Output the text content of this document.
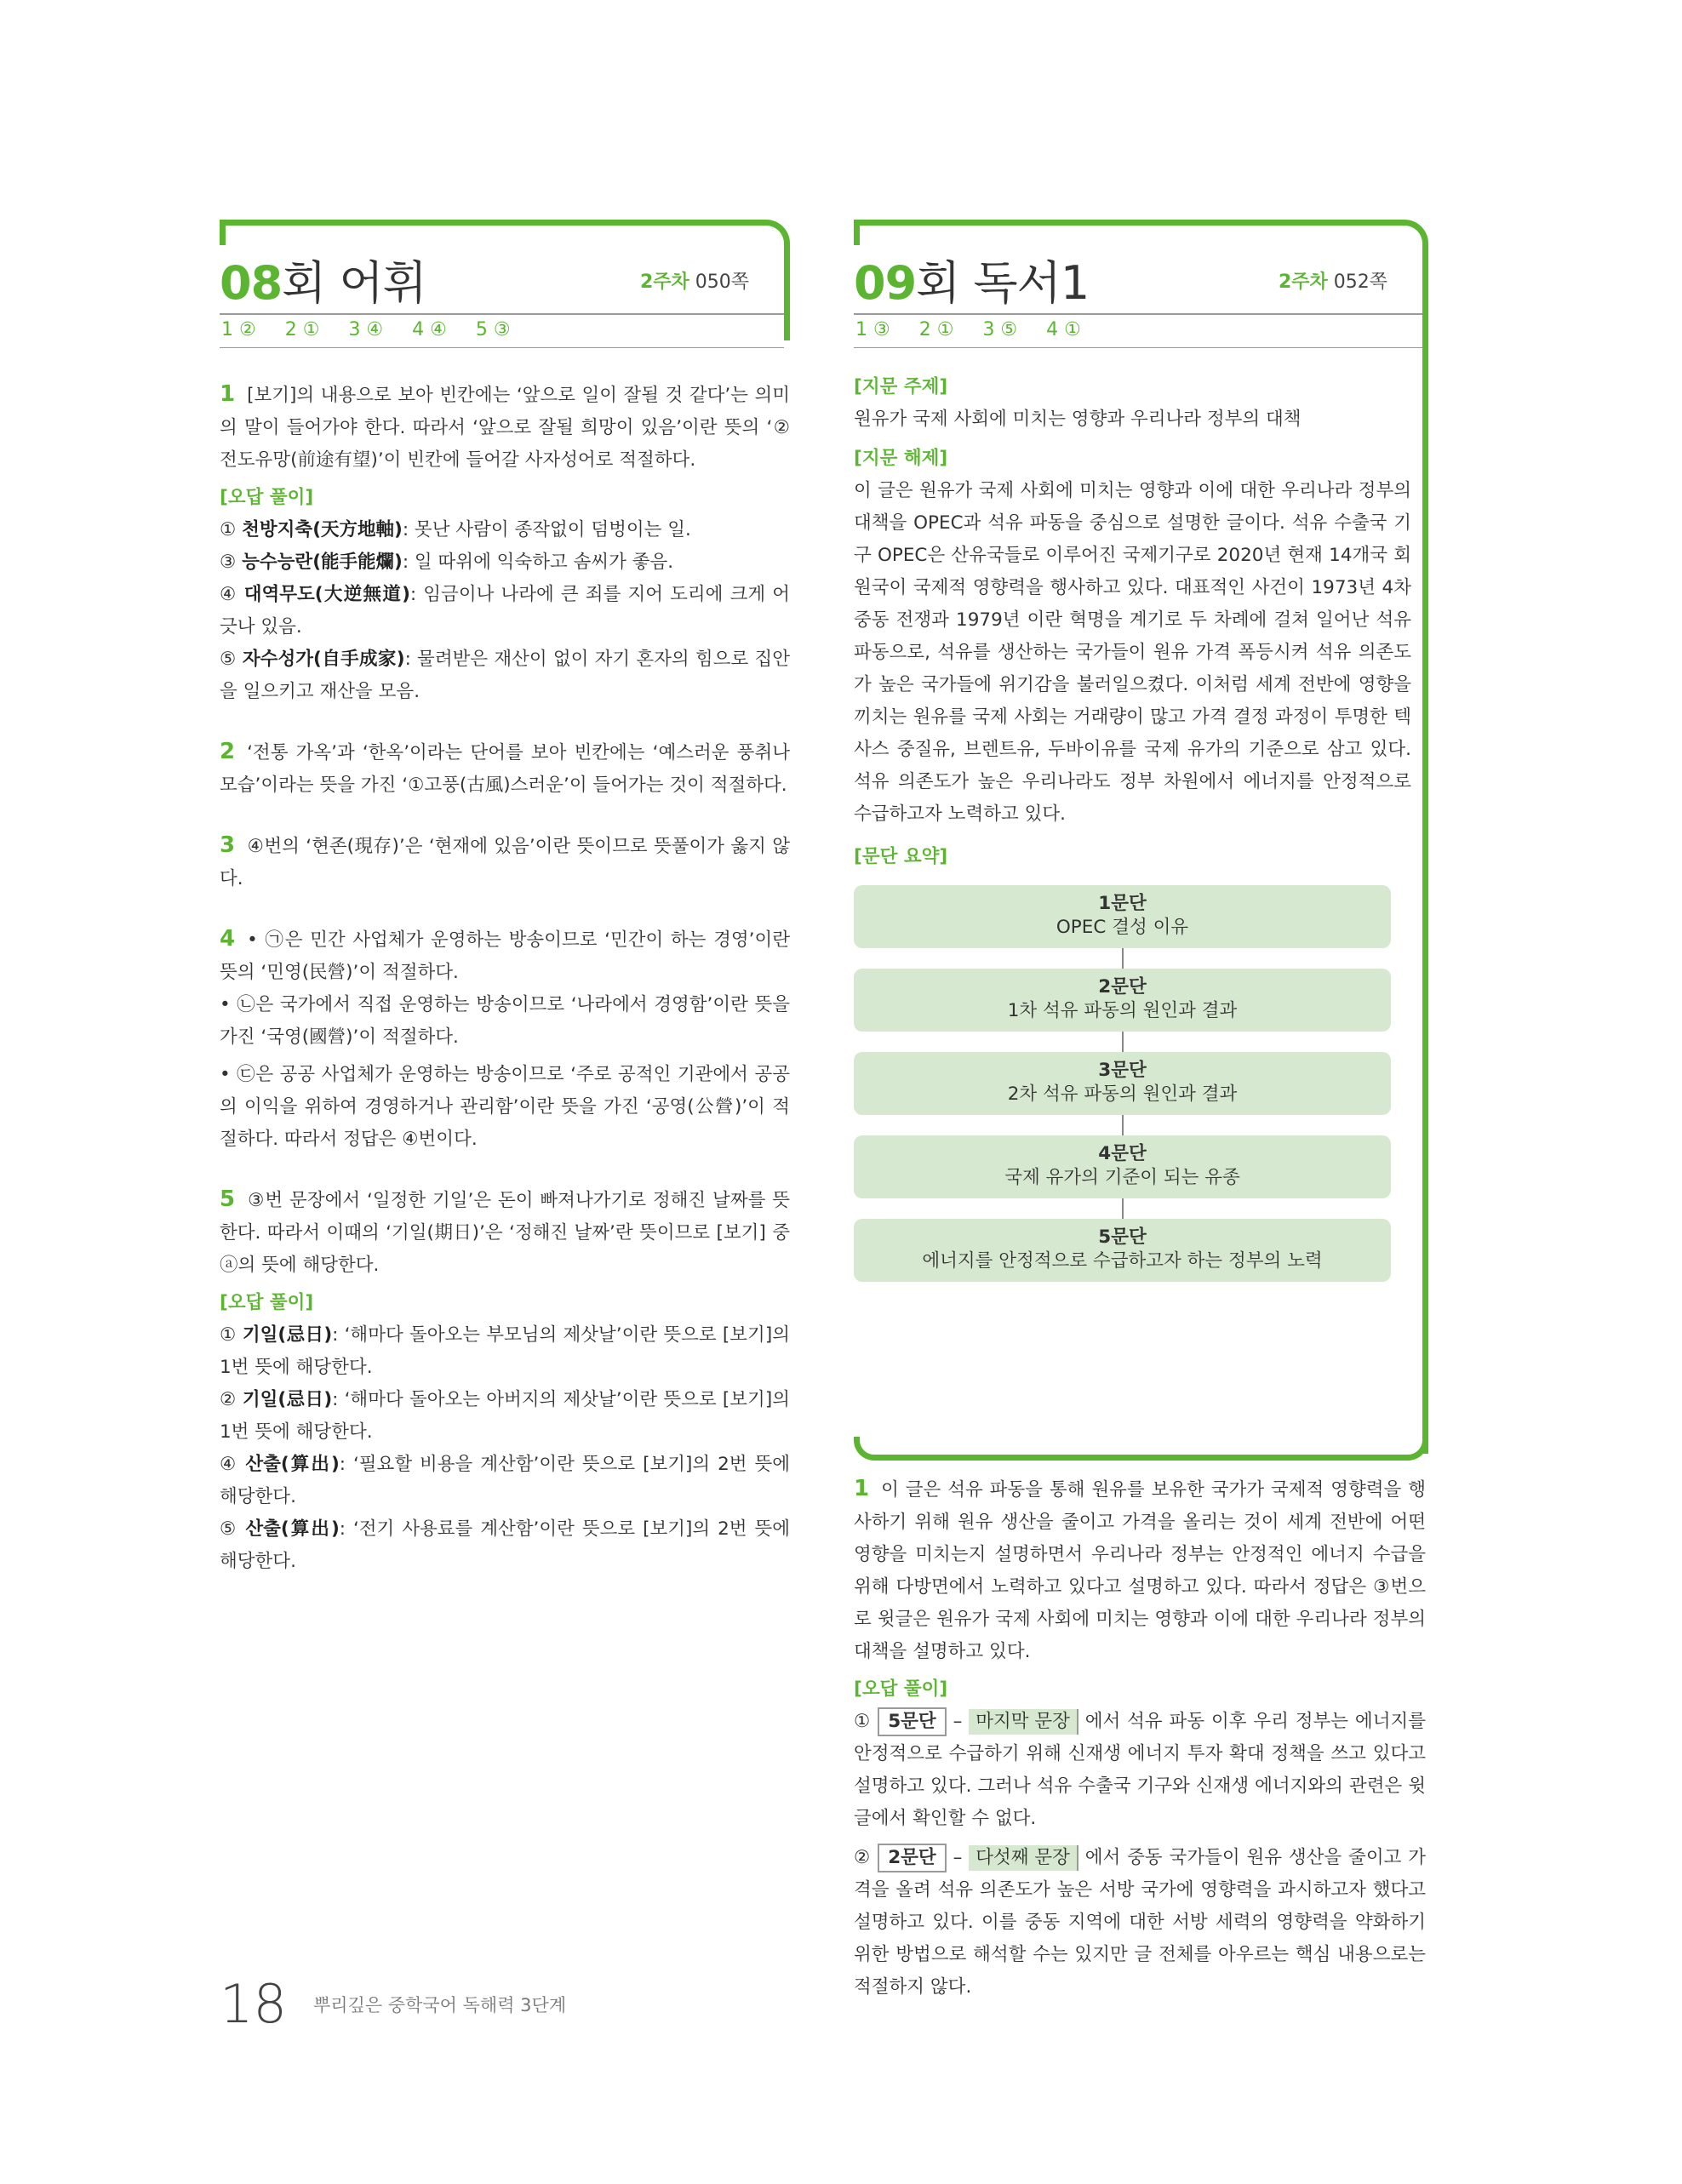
08회 어휘	2주차 050쪽
1 ② 2 ① 3 ④ 4 ④ 5 ③

1 [보기]의 내용으로 보아 빈칸에는 ‘앞으로 일이 잘될 것 같다’는 의미의 말이 들어가야 한다. 따라서 ‘앞으로 잘될 희망이 있음’이란 뜻의 ‘② 전도유망(前途有望)’이 빈칸에 들어갈 사자성어로 적절하다.

[오답 풀이]

① 천방지축(天方地軸): 못난 사람이 종작없이 덤벙이는 일.

③ 능수능란(能手能爛): 일 따위에 익숙하고 솜씨가 좋음.

④ 대역무도(大逆無道): 임금이나 나라에 큰 죄를 지어 도리에 크게 어긋나 있음.

⑤ 자수성가(自手成家): 물려받은 재산이 없이 자기 혼자의 힘으로 집안을 일으키고 재산을 모음.

2 ‘전통 가옥’과 ‘한옥’이라는 단어를 보아 빈칸에는 ‘예스러운 풍취나 모습’이라는 뜻을 가진 ‘①고풍(古風)스러운’이 들어가는 것이 적절하다.

3 ④번의 ‘현존(現存)’은 ‘현재에 있음’이란 뜻이므로 뜻풀이가 옳지 않다.

4 • ㉠은 민간 사업체가 운영하는 방송이므로 ‘민간이 하는 경영’이란 뜻의 ‘민영(民營)’이 적절하다.

• ㉡은 국가에서 직접 운영하는 방송이므로 ‘나라에서 경영함’이란 뜻을 가진 ‘국영(國營)’이 적절하다.

• ㉢은 공공 사업체가 운영하는 방송이므로 ‘주로 공적인 기관에서 공공의 이익을 위하여 경영하거나 관리함’이란 뜻을 가진 ‘공영(公營)’이 적절하다. 따라서 정답은 ④번이다.

5 ③번 문장에서 ‘일정한 기일’은 돈이 빠져나가기로 정해진 날짜를 뜻한다. 따라서 이때의 ‘기일(期日)’은 ‘정해진 날짜’란 뜻이므로 [보기] 중 ⓐ의 뜻에 해당한다.

[오답 풀이]

① 기일(忌日): ‘해마다 돌아오는 부모님의 제삿날’이란 뜻으로 [보기]의 1번 뜻에 해당한다.

② 기일(忌日): ‘해마다 돌아오는 아버지의 제삿날’이란 뜻으로 [보기]의 1번 뜻에 해당한다.

④ 산출(算出): ‘필요할 비용을 계산함’이란 뜻으로 [보기]의 2번 뜻에 해당한다.

⑤ 산출(算出): ‘전기 사용료를 계산함’이란 뜻으로 [보기]의 2번 뜻에 해당한다.

09회 독서1	2주차 052쪽
1 ③ 2 ① 3 ⑤ 4 ①

[지문 주제]

원유가 국제 사회에 미치는 영향과 우리나라 정부의 대책

[지문 해제]

이 글은 원유가 국제 사회에 미치는 영향과 이에 대한 우리나라 정부의 대책을 OPEC과 석유 파동을 중심으로 설명한 글이다. 석유 수출국 기구 OPEC은 산유국들로 이루어진 국제기구로 2020년 현재 14개국 회원국이 국제적 영향력을 행사하고 있다. 대표적인 사건이 1973년 4차 중동 전쟁과 1979년 이란 혁명을 계기로 두 차례에 걸쳐 일어난 석유 파동으로, 석유를 생산하는 국가들이 원유 가격 폭등시켜 석유 의존도가 높은 국가들에 위기감을 불러일으켰다. 이처럼 세계 전반에 영향을 끼치는 원유를 국제 사회는 거래량이 많고 가격 결정 과정이 투명한 텍사스 중질유, 브렌트유, 두바이유를 국제 유가의 기준으로 삼고 있다. 석유 의존도가 높은 우리나라도 정부 차원에서 에너지를 안정적으로 수급하고자 노력하고 있다.

[문단 요약]

1문단
OPEC 결성 이유
2문단
1차 석유 파동의 원인과 결과
3문단
2차 석유 파동의 원인과 결과
4문단
국제 유가의 기준이 되는 유종
5문단
에너지를 안정적으로 수급하고자 하는 정부의 노력

1 이 글은 석유 파동을 통해 원유를 보유한 국가가 국제적 영향력을 행사하기 위해 원유 생산을 줄이고 가격을 올리는 것이 세계 전반에 어떤 영향을 미치는지 설명하면서 우리나라 정부는 안정적인 에너지 수급을 위해 다방면에서 노력하고 있다고 설명하고 있다. 따라서 정답은 ③번으로 윗글은 원유가 국제 사회에 미치는 영향과 이에 대한 우리나라 정부의 대책을 설명하고 있다.

[오답 풀이]

① 5문단 – 마지막 문장 에서 석유 파동 이후 우리 정부는 에너지를 안정적으로 수급하기 위해 신재생 에너지 투자 확대 정책을 쓰고 있다고 설명하고 있다. 그러나 석유 수출국 기구와 신재생 에너지와의 관련은 윗글에서 확인할 수 없다.

② 2문단 – 다섯째 문장 에서 중동 국가들이 원유 생산을 줄이고 가격을 올려 석유 의존도가 높은 서방 국가에 영향력을 과시하고자 했다고 설명하고 있다. 이를 중동 지역에 대한 서방 세력의 영향력을 약화하기 위한 방법으로 해석할 수는 있지만 글 전체를 아우르는 핵심 내용으로는 적절하지 않다.

18 뿌리깊은 중학국어 독해력 3단계
